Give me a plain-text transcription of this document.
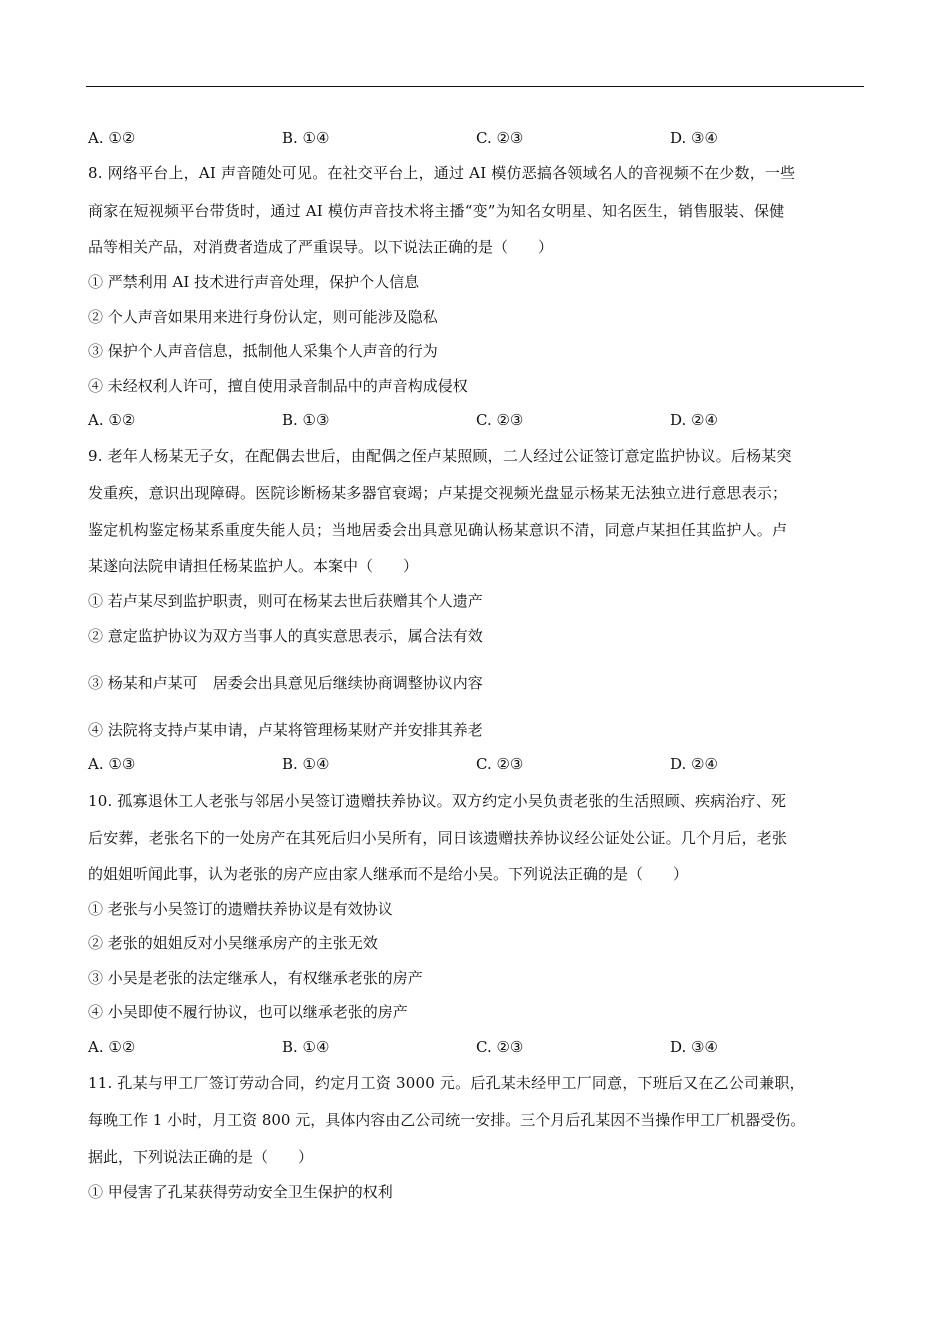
A. ①②	B. ①④	C. ②③	D. ③④
8. 网络平台上，AI 声音随处可见。在社交平台上，通过 AI 模仿恶搞各领域名人的音视频不在少数，一些
商家在短视频平台带货时，通过 AI 模仿声音技术将主播“变”为知名女明星、知名医生，销售服装、保健
品等相关产品，对消费者造成了严重误导。以下说法正确的是（　　）
① 严禁利用 AI 技术进行声音处理，保护个人信息
② 个人声音如果用来进行身份认定，则可能涉及隐私
③ 保护个人声音信息，抵制他人采集个人声音的行为
④ 未经权利人许可，擅自使用录音制品中的声音构成侵权
A. ①②	B. ①③	C. ②③	D. ②④
9. 老年人杨某无子女，在配偶去世后，由配偶之侄卢某照顾，二人经过公证签订意定监护协议。后杨某突
发重疾，意识出现障碍。医院诊断杨某多器官衰竭；卢某提交视频光盘显示杨某无法独立进行意思表示；
鉴定机构鉴定杨某系重度失能人员；当地居委会出具意见确认杨某意识不清，同意卢某担任其监护人。卢
某遂向法院申请担任杨某监护人。本案中（　　）
① 若卢某尽到监护职责，则可在杨某去世后获赠其个人遗产
② 意定监护协议为双方当事人的真实意思表示，属合法有效
③ 杨某和卢某可　居委会出具意见后继续协商调整协议内容
④ 法院将支持卢某申请，卢某将管理杨某财产并安排其养老
A. ①③	B. ①④	C. ②③	D. ②④
10. 孤寡退休工人老张与邻居小吴签订遗赠扶养协议。双方约定小吴负责老张的生活照顾、疾病治疗、死
后安葬，老张名下的一处房产在其死后归小吴所有，同日该遗赠扶养协议经公证处公证。几个月后，老张
的姐姐听闻此事，认为老张的房产应由家人继承而不是给小吴。下列说法正确的是（　　）
① 老张与小吴签订的遗赠扶养协议是有效协议
② 老张的姐姐反对小吴继承房产的主张无效
③ 小吴是老张的法定继承人，有权继承老张的房产
④ 小吴即使不履行协议，也可以继承老张的房产
A. ①②	B. ①④	C. ②③	D. ③④
11. 孔某与甲工厂签订劳动合同，约定月工资 3000 元。后孔某未经甲工厂同意，下班后又在乙公司兼职，
每晚工作 1 小时，月工资 800 元，具体内容由乙公司统一安排。三个月后孔某因不当操作甲工厂机器受伤。
据此，下列说法正确的是（　　）
① 甲侵害了孔某获得劳动安全卫生保护的权利
